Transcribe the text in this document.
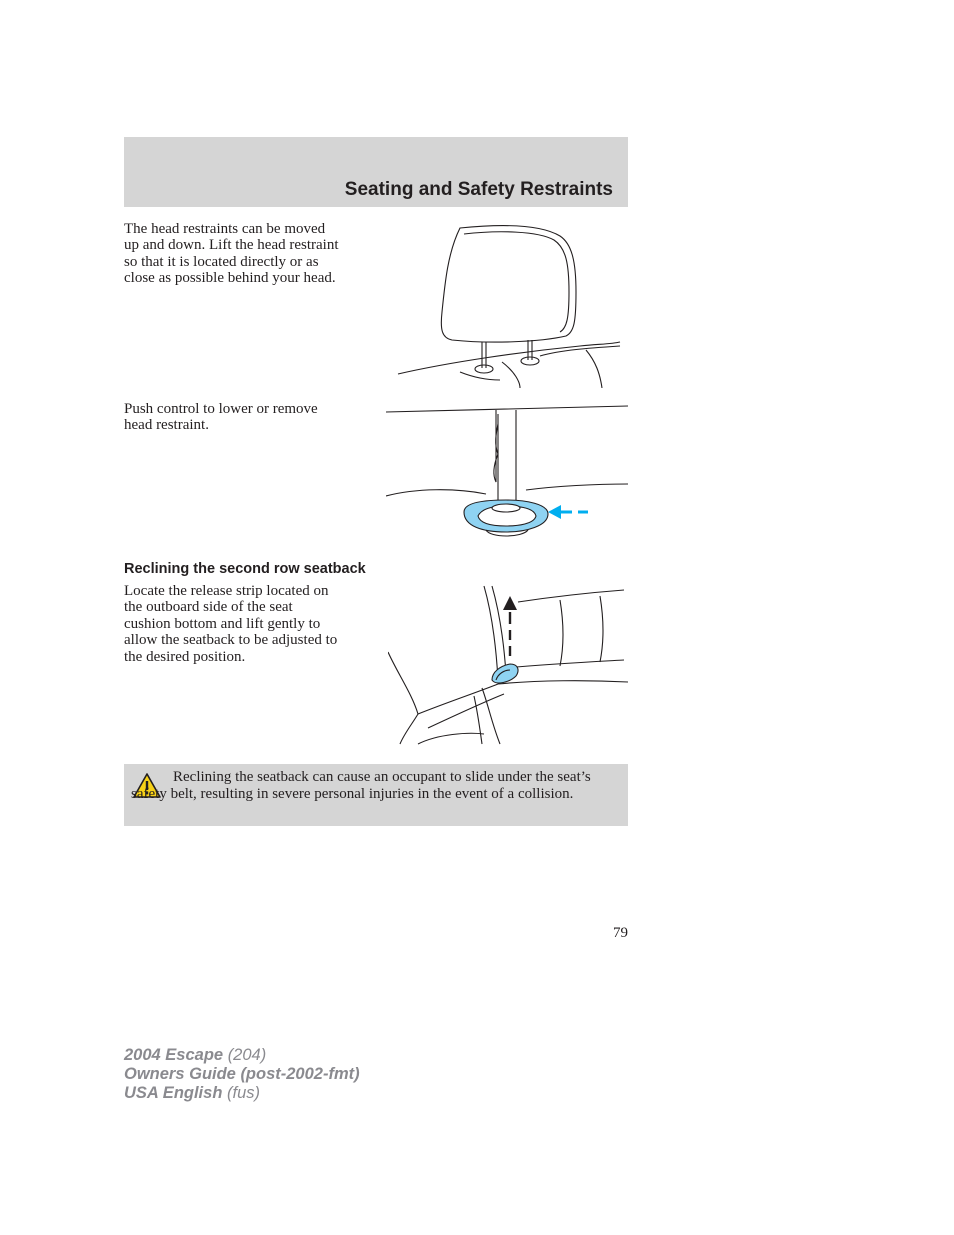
Seating and Safety Restraints
The head restraints can be moved
up and down. Lift the head restraint
so that it is located directly or as
close as possible behind your head.
Push control to lower or remove
head restraint.
Reclining the second row seatback
Locate the release strip located on
the outboard side of the seat
cushion bottom and lift gently to
allow the seatback to be adjusted to
the desired position.
Reclining the seatback can cause an occupant to slide under the seat’s safety belt, resulting in severe personal injuries in the event of a collision.
79
2004 Escape (204)
Owners Guide (post-2002-fmt)
USA English (fus)
